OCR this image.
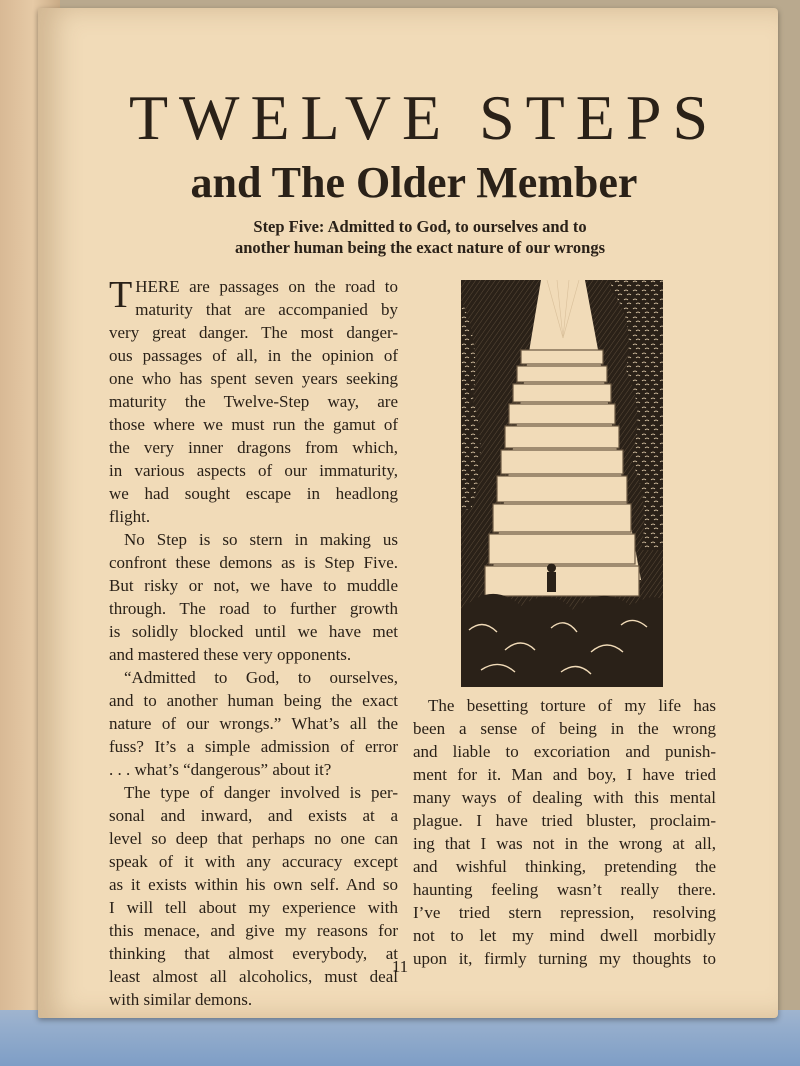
TWELVE STEPS
and The Older Member

Step Five: Admitted to God, to ourselves and to
another human being the exact nature of our wrongs

T HERE are passages on the road to
maturity that are accompanied by
very great danger. The most danger-
ous passages of all, in the opinion of
one who has spent seven years seeking
maturity the Twelve-Step way, are
those where we must run the gamut of
the very inner dragons from which,
in various aspects of our immaturity,
we had sought escape in headlong
flight.
No Step is so stern in making us
confront these demons as is Step Five.
But risky or not, we have to muddle
through. The road to further growth
is solidly blocked until we have met
and mastered these very opponents.
“Admitted to God, to ourselves,
and to another human being the exact
nature of our wrongs.” What’s all the
fuss? It’s a simple admission of error
. . . what’s “dangerous” about it?
The type of danger involved is per-
sonal and inward, and exists at a
level so deep that perhaps no one can
speak of it with any accuracy except
as it exists within his own self. And so
I will tell about my experience with
this menace, and give my reasons for
thinking that almost everybody, at
least almost all alcoholics, must deal
with similar demons.
The besetting torture of my life has
been a sense of being in the wrong
and liable to excoriation and punish-
ment for it. Man and boy, I have tried
many ways of dealing with this mental
plague. I have tried bluster, proclaim-
ing that I was not in the wrong at all,
and wishful thinking, pretending the
haunting feeling wasn’t really there.
I’ve tried stern repression, resolving
not to let my mind dwell morbidly
upon it, firmly turning my thoughts to

11
